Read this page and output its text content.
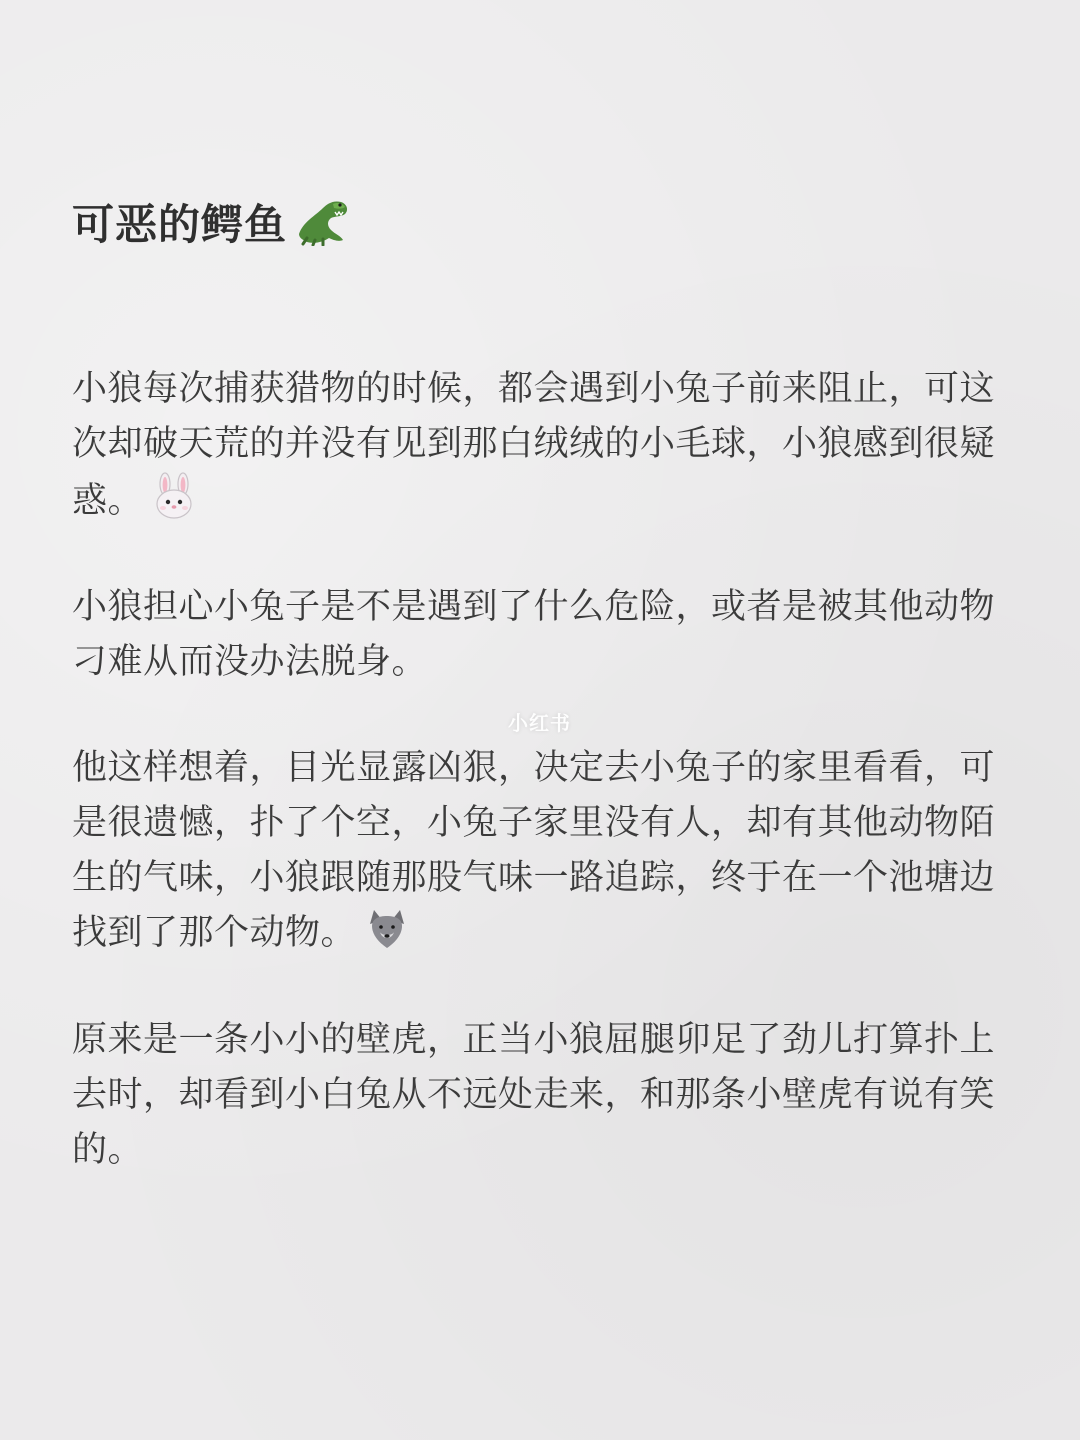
可恶的鳄鱼
小狼每次捕获猎物的时候，都会遇到小兔子前来阻止，可这次却破天荒的并没有见到那白绒绒的小毛球，小狼感到很疑惑。
小狼担心小兔子是不是遇到了什么危险，或者是被其他动物刁难从而没办法脱身。
小红书
他这样想着，目光显露凶狠，决定去小兔子的家里看看，可是很遗憾，扑了个空，小兔子家里没有人，却有其他动物陌生的气味，小狼跟随那股气味一路追踪，终于在一个池塘边找到了那个动物。
原来是一条小小的壁虎，正当小狼屈腿卯足了劲儿打算扑上去时，却看到小白兔从不远处走来，和那条小壁虎有说有笑的。
